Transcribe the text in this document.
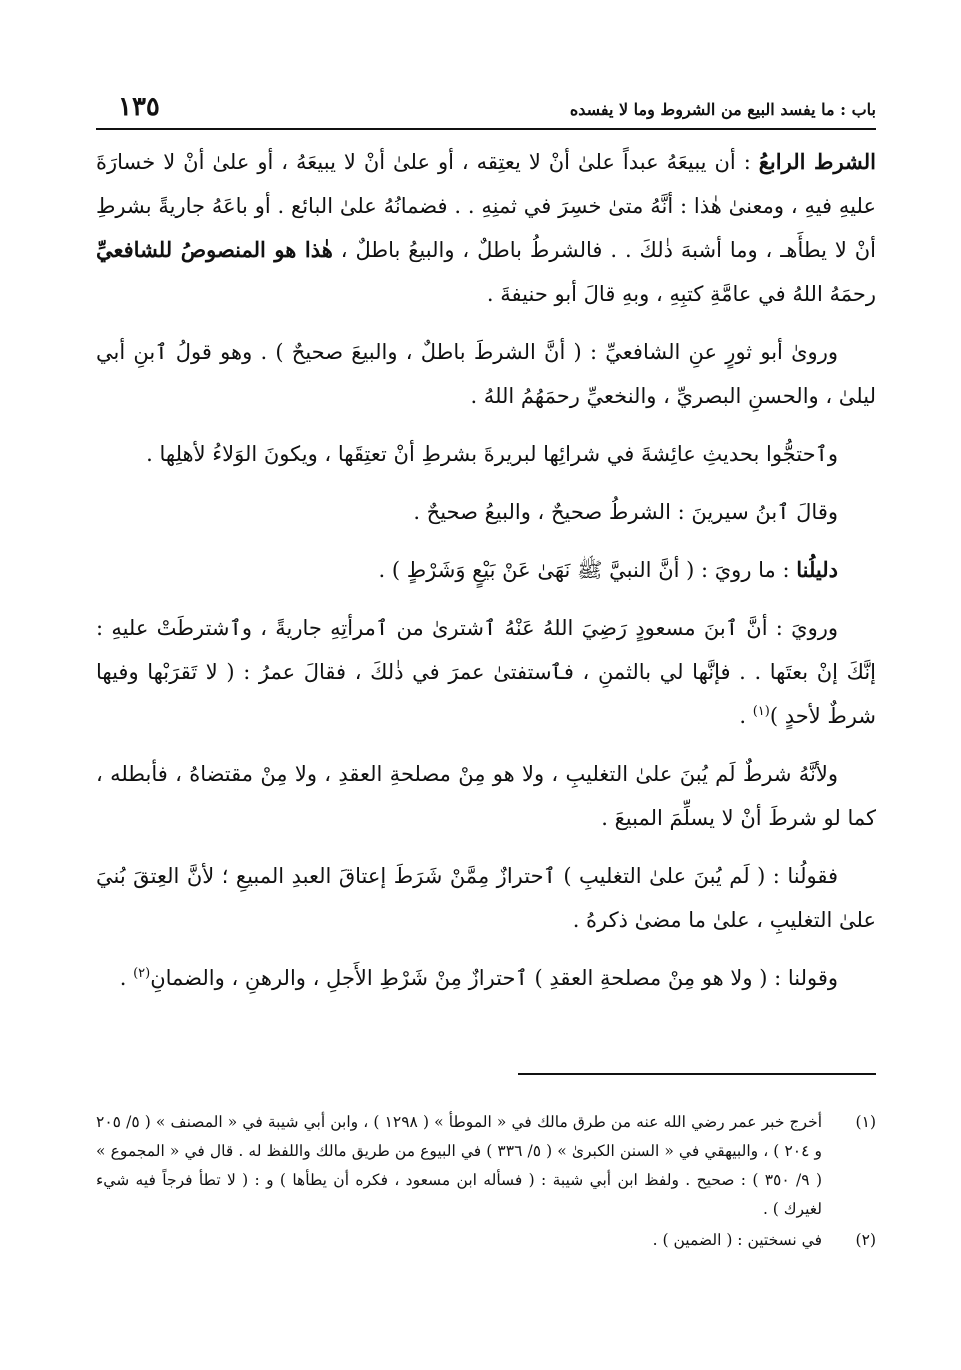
باب : ما يفسد البيع من الشروط وما لا يفسده
١٣٥

الشرط الرابعُ : أن يبيعَهُ عبداً علىٰ أنْ لا يعتِقه ، أو علىٰ أنْ لا يبيعَهُ ، أو علىٰ أنْ لا خسارَةَ عليهِ فيهِ ، ومعنىٰ هٰذا : أنَّهُ متىٰ خسِرَ في ثمنِهِ . . فضمانُهُ علىٰ البائع . أو باعَهُ جاريةً بشرطِ أنْ لا يطأَهـ ، وما أشبهَ ذٰلكَ . . فالشرطُ باطلٌ ، والبيعُ باطلٌ ، هٰذا هو المنصوصُ للشافعيِّ رحمَهُ اللهُ في عامَّةِ كتبِهِ ، وبهِ قالَ أبو حنيفةَ .

وروىٰ أبو ثورٍ عنِ الشافعيِّ : ( أنَّ الشرطَ باطلٌ ، والبيعَ صحيحٌ ) . وهو قولُ ٱبنِ أبي ليلىٰ ، والحسنِ البصريِّ ، والنخعيِّ رحمَهُمُ اللهُ .

وٱحتجُّوا بحديثِ عائِشةَ في شرائِها لبريرةَ بشرطِ أنْ تعتِقَها ، ويكونَ الوَلاءُ لأهلِها .

وقالَ ٱبنُ سيرينَ : الشرطُ صحيحٌ ، والبيعُ صحيحٌ .

دليلُنا : ما رويَ : ( أنَّ النبيَّ ﷺ نَهَىٰ عَنْ بَيْعٍ وَشَرْطٍ ) .

ورويَ : أنَّ ٱبنَ مسعودٍ رَضِيَ اللهُ عَنْهُ ٱشترىٰ من ٱمرأتِهِ جاريةً ، وٱشترطَتْ عليهِ : إنَّكَ إنْ بعتَها . . فإنَّها لي بالثمنِ ، فٱستفتىٰ عمرَ في ذٰلكَ ، فقالَ عمرُ : ( لا تَقرَبْها وفيها شرطٌ لأحدٍ )$^{(١)}$ .

ولأنَّهُ شرطٌ لَم يُبنَ علىٰ التغليبِ ، ولا هو مِنْ مصلحةِ العقدِ ، ولا مِنْ مقتضاهُ ، فأبطله ، كما لو شرطَ أنْ لا يسلِّمَ المبيعَ .

فقولُنا : ( لَم يُبنَ علىٰ التغليبِ ) ٱحترازٌ مِمَّنْ شَرَطَ إعتاقَ العبدِ المبيعِ ؛ لأنَّ العِتقَ بُنيَ علىٰ التغليبِ ، علىٰ ما مضىٰ ذكرهُ .

وقولنا : ( ولا هو مِنْ مصلحةِ العقدِ ) ٱحترازٌ مِنْ شَرْطِ الأَجلِ ، والرهنِ ، والضمانِ$^{(٢)}$ .

(١)
أخرج خبر عمر رضي الله عنه من طرق مالك في « الموطأ » ( ١٢٩٨ ) ، وابن أبي شيبة في « المصنف » ( ٥/ ٢٠٥ و ٢٠٤ ) ، والبيهقي في « السنن الكبرىٰ » ( ٥/ ٣٣٦ ) في البيوع من طريق مالك واللفظ له . قال في « المجموع » ( ٩/ ٣٥٠ ) : صحيح . ولفظ ابن أبي شيبة : ( فسأله ابن مسعود ، فكره أن يطأها ) و : ( لا تطأ فرجاً فيه شيء لغيرك ) .
(٢)
في نسختين : ( الضمين ) .
